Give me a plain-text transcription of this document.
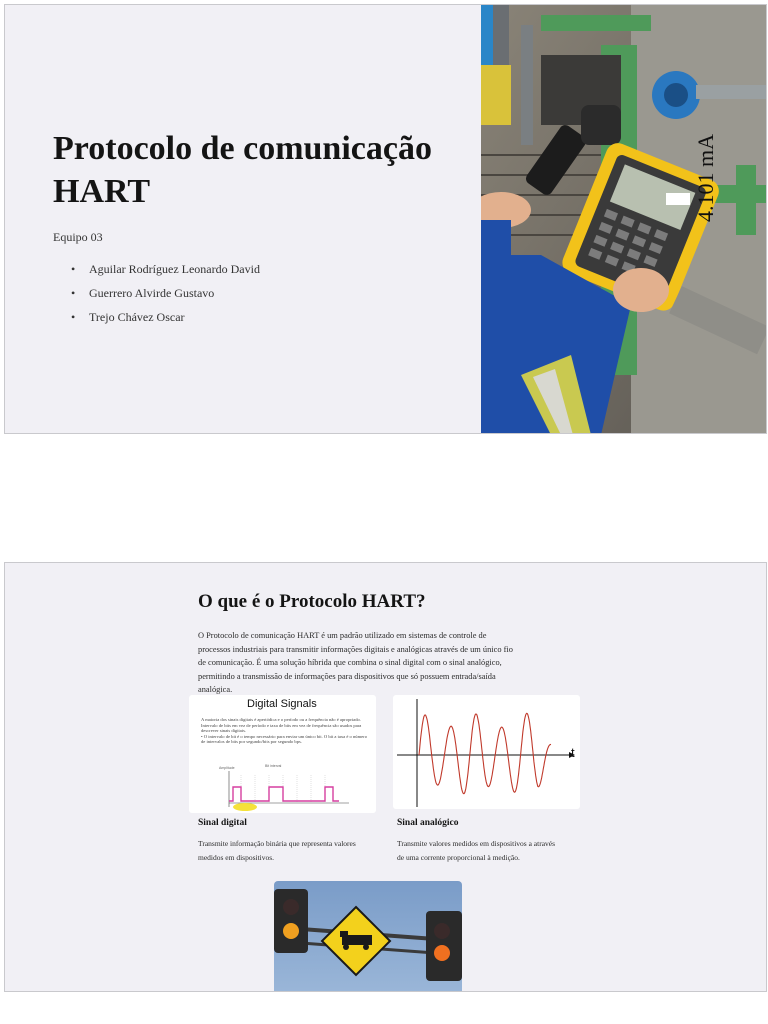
Protocolo de comunicação HART
Equipo 03
• Aguilar Rodríguez Leonardo David
• Guerrero Alvirde Gustavo
• Trejo Chávez Oscar
4.101 mA
O que é o Protocolo HART?
O Protocolo de comunicação HART é um padrão utilizado em sistemas de controle de processos industriais para transmitir informações digitais e analógicas através de um único fio de comunicação. É uma solução híbrida que combina o sinal digital com o sinal analógico, permitindo a transmissão de informações para dispositivos que só possuem entrada/saída analógica.
Digital Signals
A maioria dos sinais digitais é aperiódica e o período ou a frequência não é apropriado.
Intervalo de bits em vez de período e taxa de bits em vez de frequência são usados para descrever sinais digitais.
• O intervalo de bit é o tempo necessário para enviar um único bit. O bit a taxa é o número de intervalos de bits por segundo/bits por segundo bps.
Amplitude	Bit interval
t
Sinal digital
Transmite informação binária que representa valores medidos em dispositivos.
Sinal analógico
Transmite valores medidos em dispositivos a através de uma corrente proporcional à medição.
